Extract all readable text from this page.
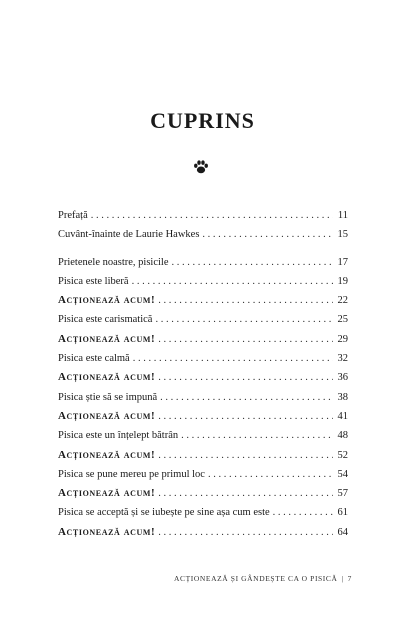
CUPRINS
Prefață . . .	11
Cuvânt-înainte de Laurie Hawkes . . .	15
Prietenele noastre, pisicile . . .	17
Pisica este liberă . . .	19
Acționează acum! . . .	22
Pisica este carismatică . . .	25
Acționează acum! . . .	29
Pisica este calmă . . .	32
Acționează acum! . . .	36
Pisica știe să se impună . . .	38
Acționează acum! . . .	41
Pisica este un înțelept bătrân . . .	48
Acționează acum! . . .	52
Pisica se pune mereu pe primul loc . . .	54
Acționează acum! . . .	57
Pisica se acceptă și se iubește pe sine așa cum este . . .	61
Acționează acum! . . .	64
ACȚIONEAZĂ ȘI GÂNDEȘTE CA O PISICĂ | 7
